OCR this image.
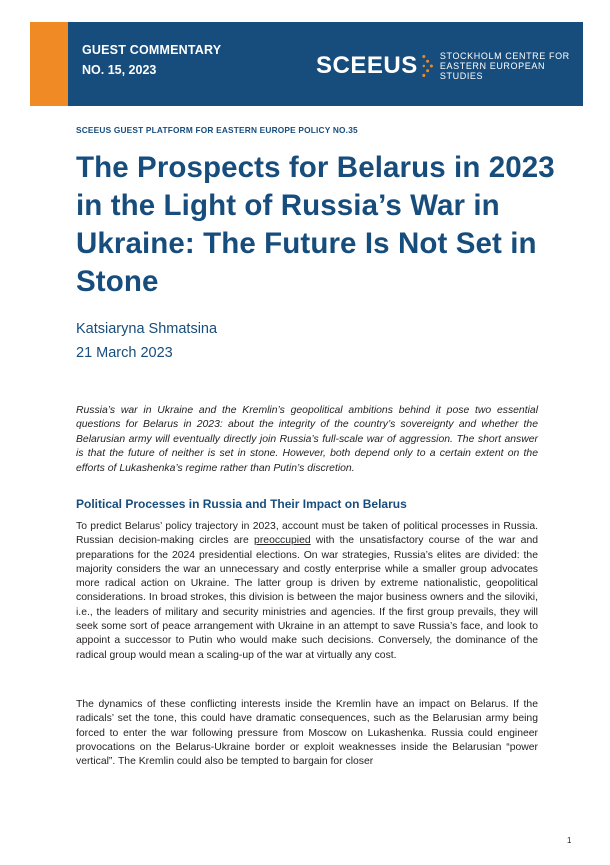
GUEST COMMENTARY
NO. 15, 2023	SCEEUS STOCKHOLM CENTRE FOR
EASTERN EUROPEAN STUDIES
SCEEUS GUEST PLATFORM FOR EASTERN EUROPE POLICY NO.35
The Prospects for Belarus in 2023 in the Light of Russia’s War in Ukraine: The Future Is Not Set in Stone
Katsiaryna Shmatsina
21 March 2023
Russia’s war in Ukraine and the Kremlin’s geopolitical ambitions behind it pose two essential questions for Belarus in 2023: about the integrity of the country’s sovereignty and whether the Belarusian army will eventually directly join Russia’s full-scale war of aggression. The short answer is that the future of neither is set in stone. However, both depend only to a certain extent on the efforts of Lukashenka’s regime rather than Putin’s discretion.
Political Processes in Russia and Their Impact on Belarus

To predict Belarus’ policy trajectory in 2023, account must be taken of political processes in Russia. Russian decision-making circles are preoccupied with the unsatisfactory course of the war and preparations for the 2024 presidential elections. On war strategies, Russia’s elites are divided: the majority considers the war an unnecessary and costly enterprise while a smaller group advocates more radical action on Ukraine. The latter group is driven by extreme nationalistic, geopolitical considerations. In broad strokes, this division is between the major business owners and the siloviki, i.e., the leaders of military and security ministries and agencies. If the first group prevails, they will seek some sort of peace arrangement with Ukraine in an attempt to save Russia’s face, and look to appoint a successor to Putin who would make such decisions. Conversely, the dominance of the radical group would mean a scaling-up of the war at virtually any cost.

The dynamics of these conflicting interests inside the Kremlin have an impact on Belarus. If the radicals’ set the tone, this could have dramatic consequences, such as the Belarusian army being forced to enter the war following pressure from Moscow on Lukashenka. Russia could engineer provocations on the Belarus-Ukraine border or exploit weaknesses inside the Belarusian “power vertical”. The Kremlin could also be tempted to bargain for closer

1
